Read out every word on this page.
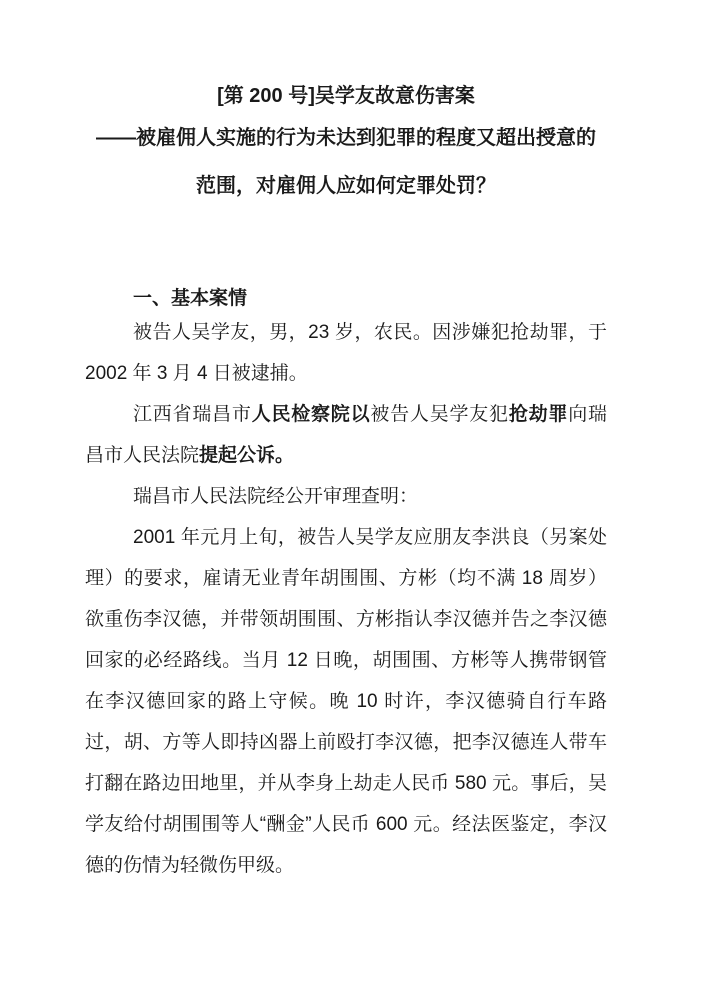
[第 200 号]吴学友故意伤害案
——被雇佣人实施的行为未达到犯罪的程度又超出授意的
范围，对雇佣人应如何定罪处罚？
一、基本案情

被告人吴学友，男，23 岁，农民。因涉嫌犯抢劫罪，于 2002 年 3 月 4 日被逮捕。

江西省瑞昌市人民检察院以被告人吴学友犯抢劫罪向瑞昌市人民法院提起公诉。

瑞昌市人民法院经公开审理查明：

2001 年元月上旬，被告人吴学友应朋友李洪良（另案处理）的要求，雇请无业青年胡围围、方彬（均不满 18 周岁）欲重伤李汉德，并带领胡围围、方彬指认李汉德并告之李汉德回家的必经路线。当月 12 日晚，胡围围、方彬等人携带钢管在李汉德回家的路上守候。晚 10 时许，李汉德骑自行车路过，胡、方等人即持凶器上前殴打李汉德，把李汉德连人带车打翻在路边田地里，并从李身上劫走人民币 580 元。事后，吴学友给付胡围围等人“酬金”人民币 600 元。经法医鉴定，李汉德的伤情为轻微伤甲级。
